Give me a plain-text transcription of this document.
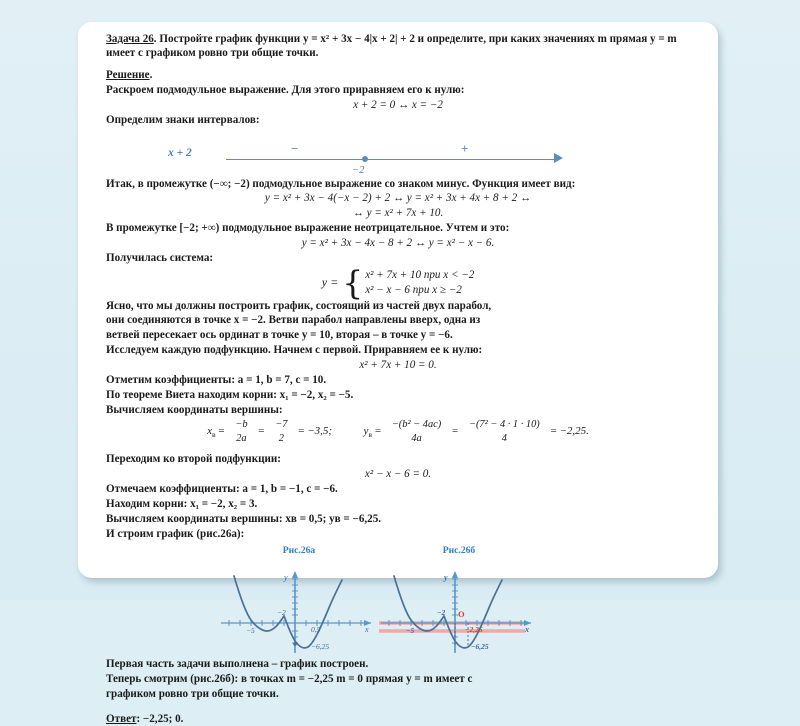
Задача 26. Постройте график функции y = x² + 3x − 4|x + 2| + 2 и определите, при каких значениях m прямая y = m имеет с графиком ровно три общие точки.
Решение.
Раскроем подмодульное выражение. Для этого приравняем его к нулю:
x + 2 = 0 ↔ x = −2
Определим знаки интервалов:
x + 2	−	+
−2
Итак, в промежутке (−∞; −2) подмодульное выражение со знаком минус. Функция имеет вид:
y = x² + 3x − 4(−x − 2) + 2 ↔ y = x² + 3x + 4x + 8 + 2 ↔
↔ y = x² + 7x + 10.
В промежутке [−2; +∞) подмодульное выражение неотрицательное. Учтем и это:
y = x² + 3x − 4x − 8 + 2 ↔ y = x² − x − 6.
Получилась система:
y = { x² + 7x + 10 при x < −2
x² − x − 6 при x ≥ −2
Ясно, что мы должны построить график, состоящий из частей двух парабол,
они соединяются в точке x = −2. Ветви парабол направлены вверх, одна из
ветвей пересекает ось ординат в точке y = 10, вторая – в точке y = −6.
Исследуем каждую подфункцию. Начнем с первой. Приравняем ее к нулю:
x² + 7x + 10 = 0.
Отметим коэффициенты: a = 1, b = 7, c = 10.
По теореме Виета находим корни: x₁ = −2, x₂ = −5.
Вычисляем координаты вершины:
$x_в$ =
−b
2a
=
−7
2
= −3,5;	$y_в$ =
−(b² − 4ac)
4a
=
−(7² − 4 · 1 · 10)
4
= −2,25.
Переходим ко второй подфункции:
x² − x − 6 = 0.
Отмечаем коэффициенты: a = 1, b = −1, c = −6.
Находим корни: x₁ = −2, x₂ = 3.
Вычисляем координаты вершины: xв = 0,5; yв = −6,25.
И строим график (рис.26а):
Рис.26а
−5
−2
0,5
−6,25
x
y
Рис.26б
−5
−2 O
−2,25
−6,25
x
y
Первая часть задачи выполнена – график построен.
Теперь смотрим (рис.26б): в точках m = −2,25 m = 0 прямая y = m имеет с
графиком ровно три общие точки.
Ответ: −2,25; 0.
